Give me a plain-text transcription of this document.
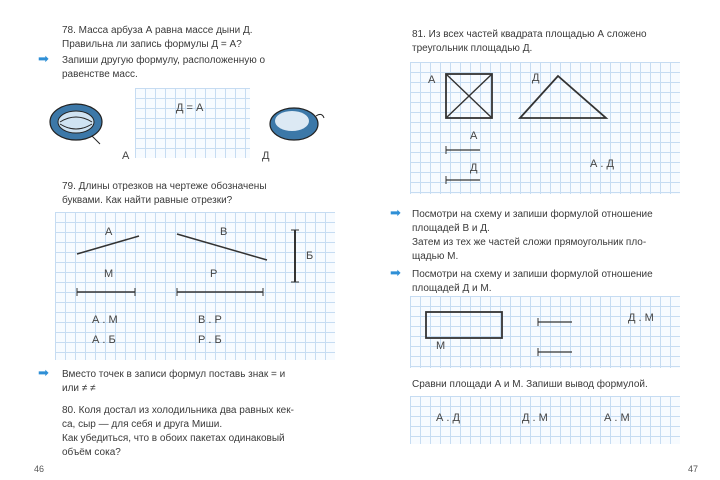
78. Масса арбуза А равна массе дыни Д.
Правильна ли запись формулы Д = А?
➡ Запиши другую формулу, расположенную о
равенстве масс.
А
Д = А
Д
79. Длины отрезков на чертеже обозначены
буквами. Как найти равные отрезки?
А	В
Б
М	Р
А . М
А . Б
В . Р
Р . Б
➡ Вместо точек в записи формул поставь знак = и
или ≠ ≠
80. Коля достал из холодильника два равных кек-
са, сыр — для себя и друга Миши.
Как убедиться, что в обоих пакетах одинаковый
объём сока?
46
81. Из всех частей квадрата площадью А сложено
треугольник площадью Д.
А	Д
А
Д	А . Д
➡ Посмотри на схему и запиши формулой отношение
площадей В и Д.
Затем из тех же частей сложи прямоугольник пло-
щадью М.
➡ Посмотри на схему и запиши формулой отношение
площадей Д и М.
М
Д . М
Сравни площади А и М. Запиши вывод формулой.
А . Д	Д . М	А . М
47
